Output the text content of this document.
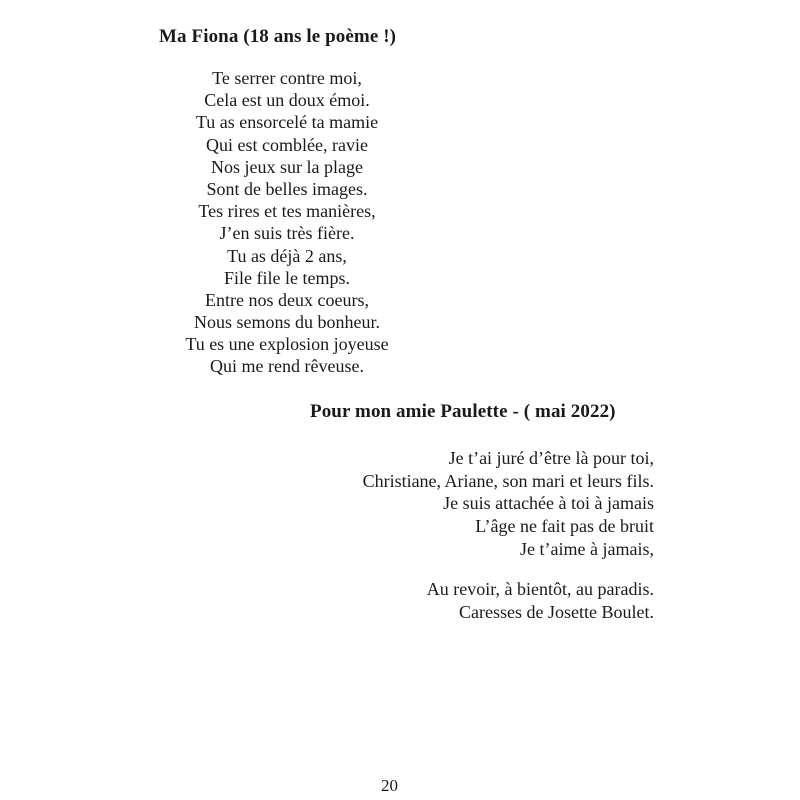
Ma Fiona (18 ans le poème !)
Te serrer contre moi,
Cela est un doux émoi.
Tu as ensorcelé ta mamie
Qui est comblée, ravie
Nos jeux sur la plage
Sont de belles images.
Tes rires et tes manières,
J’en suis très fière.
Tu as déjà 2 ans,
File file le temps.
Entre nos deux coeurs,
Nous semons du bonheur.
Tu es une explosion joyeuse
Qui me rend rêveuse.
Pour mon amie Paulette - ( mai 2022)
Je t’ai juré d’être là pour toi,
Christiane, Ariane, son mari et leurs fils.
Je suis attachée à toi à jamais
L’âge ne fait pas de bruit
Je t’aime à jamais,
Au revoir, à bientôt, au paradis.
Caresses de Josette Boulet.
20
